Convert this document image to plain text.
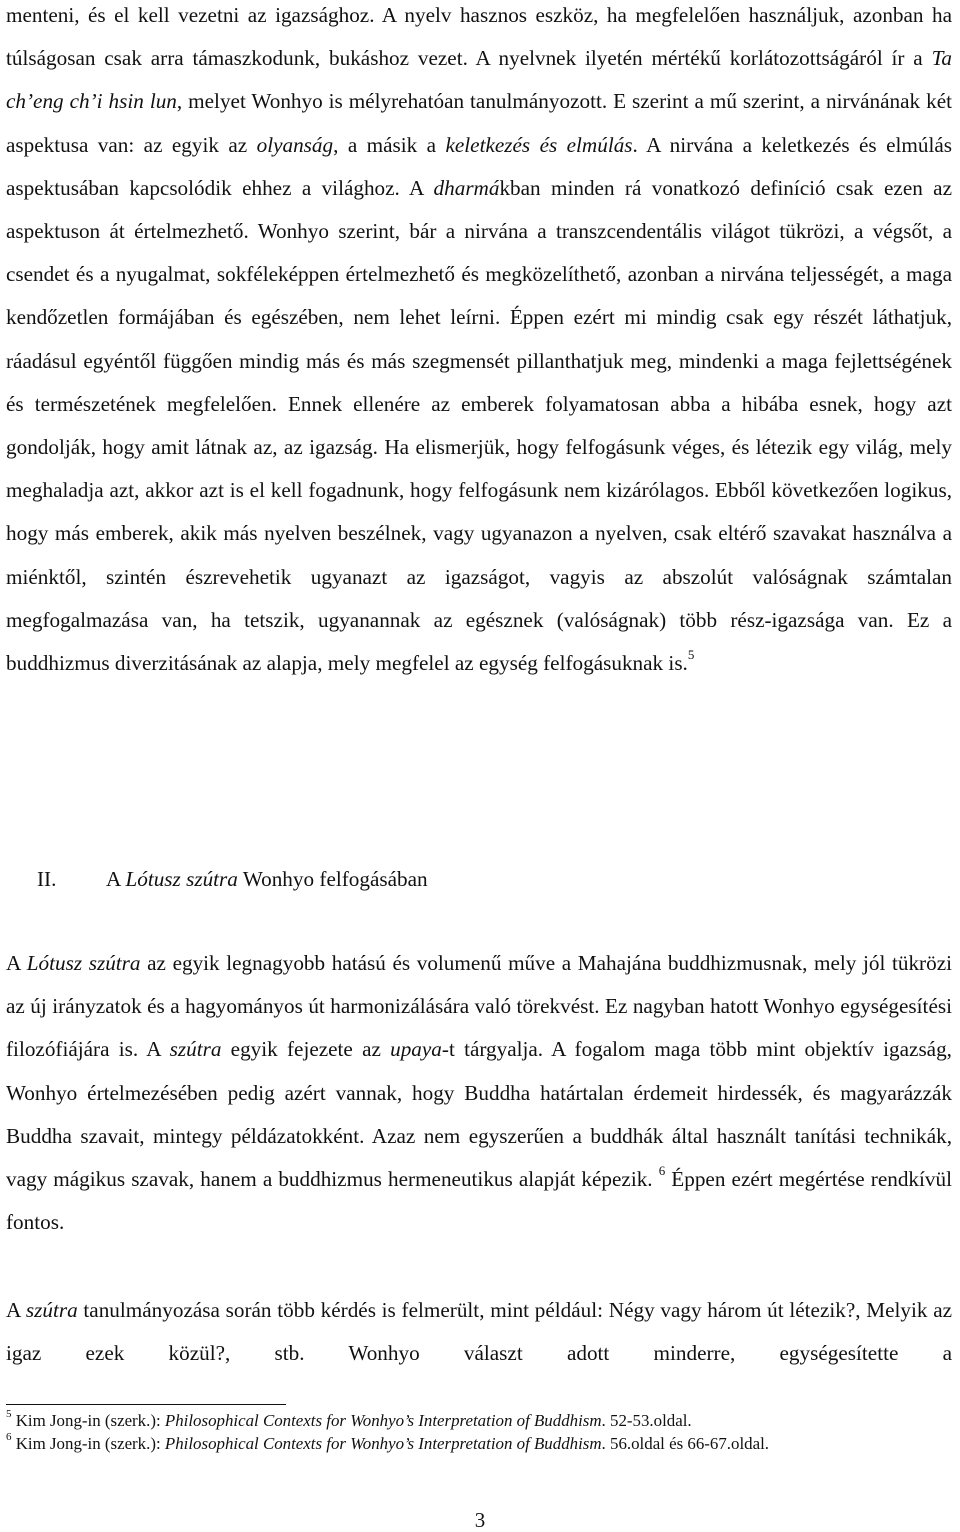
menteni, és el kell vezetni az igazsághoz. A nyelv hasznos eszköz, ha megfelelően használjuk, azonban ha túlságosan csak arra támaszkodunk, bukáshoz vezet. A nyelvnek ilyetén mértékű korlátozottságáról ír a Ta ch’eng ch’i hsin lun, melyet Wonhyo is mélyrehatóan tanulmányozott. E szerint a mű szerint, a nirvánának két aspektusa van: az egyik az olyanság, a másik a keletkezés és elmúlás. A nirvána a keletkezés és elmúlás aspektusában kapcsolódik ehhez a világhoz. A dharmákban minden rá vonatkozó definíció csak ezen az aspektuson át értelmezhető. Wonhyo szerint, bár a nirvána a transzcendentális világot tükrözi, a végsőt, a csendet és a nyugalmat, sokféleképpen értelmezhető és megközelíthető, azonban a nirvána teljességét, a maga kendőzetlen formájában és egészében, nem lehet leírni. Éppen ezért mi mindig csak egy részét láthatjuk, ráadásul egyéntől függően mindig más és más szegmensét pillanthatjuk meg, mindenki a maga fejlettségének és természetének megfelelően. Ennek ellenére az emberek folyamatosan abba a hibába esnek, hogy azt gondolják, hogy amit látnak az, az igazság. Ha elismerjük, hogy felfogásunk véges, és létezik egy világ, mely meghaladja azt, akkor azt is el kell fogadnunk, hogy felfogásunk nem kizárólagos. Ebből következően logikus, hogy más emberek, akik más nyelven beszélnek, vagy ugyanazon a nyelven, csak eltérő szavakat használva a miénktől, szintén észrevehetik ugyanazt az igazságot, vagyis az abszolút valóságnak számtalan megfogalmazása van, ha tetszik, ugyanannak az egésznek (valóságnak) több rész-igazsága van. Ez a buddhizmus diverzitásának az alapja, mely megfelel az egység felfogásuknak is.$^5$

II. A Lótusz szútra Wonhyo felfogásában

A Lótusz szútra az egyik legnagyobb hatású és volumenű műve a Mahajána buddhizmusnak, mely jól tükrözi az új irányzatok és a hagyományos út harmonizálására való törekvést. Ez nagyban hatott Wonhyo egységesítési filozófiájára is. A szútra egyik fejezete az upaya-t tárgyalja. A fogalom maga több mint objektív igazság, Wonhyo értelmezésében pedig azért vannak, hogy Buddha határtalan érdemeit hirdessék, és magyarázzák Buddha szavait, mintegy példázatokként. Azaz nem egyszerűen a buddhák által használt tanítási technikák, vagy mágikus szavak, hanem a buddhizmus hermeneutikus alapját képezik. $^6$ Éppen ezért megértése rendkívül fontos.

A szútra tanulmányozása során több kérdés is felmerült, mint például: Négy vagy három út létezik?, Melyik az igaz ezek közül?, stb. Wonhyo választ adott minderre, egységesítette a

$^5$ Kim Jong-in (szerk.): Philosophical Contexts for Wonhyo’s Interpretation of Buddhism. 52-53.oldal.
$^6$ Kim Jong-in (szerk.): Philosophical Contexts for Wonhyo’s Interpretation of Buddhism. 56.oldal és 66-67.oldal.
3
